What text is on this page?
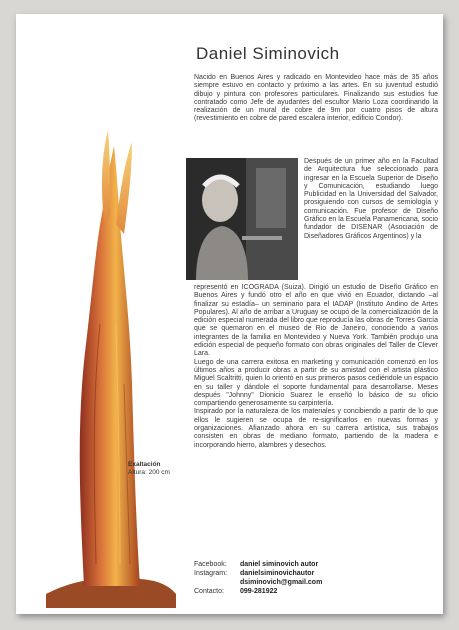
Daniel Siminovich
Exaltación
Altura: 200 cm

Nacido en Buenos Aires y radicado en Montevideo hace más de 35 años siempre estuvo en contacto y próximo a las artes. En su juventud estudió dibujo y pintura con profesores particulares. Finalizando sus estudios fue contratado como Jefe de ayudantes del escultor Mario Loza coordinando la realización de un mural de cobre de 9m por cuatro pisos de altura (revestimiento en cobre de pared escalera interior, edificio Condor).

Después de un primer año en la Facultad de Arquitectura fue seleccionado para ingresar en la Escuela Superior de Diseño y Comunicación, estudiando luego Publicidad en la Universidad del Salvador, prosiguiendo con cursos de semiología y comunicación. Fue profesor de Diseño Gráfico en la Escuela Panamericana, socio fundador de DISENAR (Asociación de Diseñadores Gráficos Argentinos) y la

representó en ICOGRADA (Suiza). Dirigió un estudio de Diseño Gráfico en Buenos Aires y fundó otro el año en que vivió en Ecuador, dictando –al finalizar su estadía– un seminario para el IADAP (Instituto Andino de Artes Populares). Al año de arribar a Uruguay se ocupó de la comercialización de la edición especial numerada del libro que reproducía las obras de Torres García que se quemaron en el museo de Rio de Janeiro, conociendo a varios integrantes de la familia en Montevideo y Nueva York. También produjo una edición especial de pequeño formato con obras originales del Taller de Clever Lara.

Luego de una carrera exitosa en marketing y comunicación comenzó en los últimos años a producir obras a partir de su amistad con el artista plástico Miguel Scaltritti, quien lo orientó en sus primeros pasos cediéndole un espacio en su taller y dándole el soporte fundamental para desarrollarse. Meses después "Johnny" Dionicio Suarez le enseñó lo básico de su oficio compartiendo generosamente su carpintería.

Inspirado por la naturaleza de los materiales y concibiendo a partir de lo que ellos le sugieren se ocupa de re-significarlos en nuevas formas y organizaciones. Afianzado ahora en su carrera artística, sus trabajos consisten en obras de mediano formato, partiendo de la madera e incorporando hierro, alambres y desechos.

Facebook:	daniel siminovich autor
Instagram:	danielsiminovichautor
dsiminovich@gmail.com
Contacto:	099-281922
